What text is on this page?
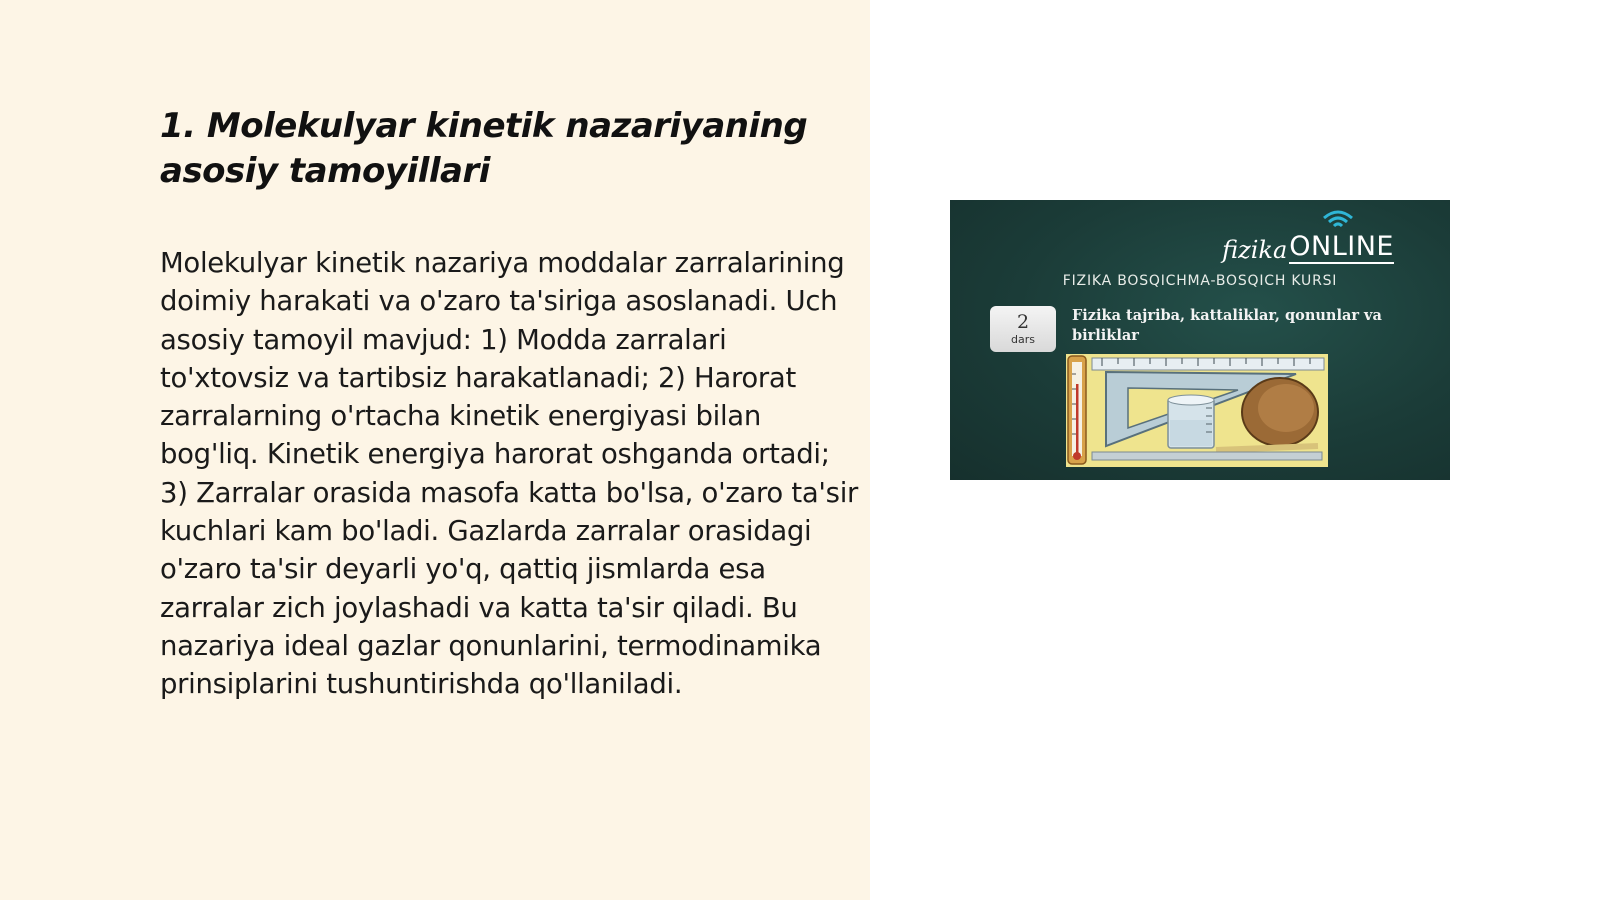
1. Molekulyar kinetik nazariyaning asosiy tamoyillari

Molekulyar kinetik nazariya moddalar zarralarining doimiy harakati va o'zaro ta'siriga asoslanadi. Uch asosiy tamoyil mavjud: 1) Modda zarralari to'xtovsiz va tartibsiz harakatlanadi; 2) Harorat zarralarning o'rtacha kinetik energiyasi bilan bog'liq. Kinetik energiya harorat oshganda ortadi; 3) Zarralar orasida masofa katta bo'lsa, o'zaro ta'sir kuchlari kam bo'ladi. Gazlarda zarralar orasidagi o'zaro ta'sir deyarli yo'q, qattiq jismlarda esa zarralar zich joylashadi va katta ta'sir qiladi. Bu nazariya ideal gazlar qonunlarini, termodinamika prinsiplarini tushuntirishda qo'llaniladi.

fizika ONLINE
FIZIKA BOSQICHMA-BOSQICH KURSI
2
dars
Fizika tajriba, kattaliklar, qonunlar va birliklar
